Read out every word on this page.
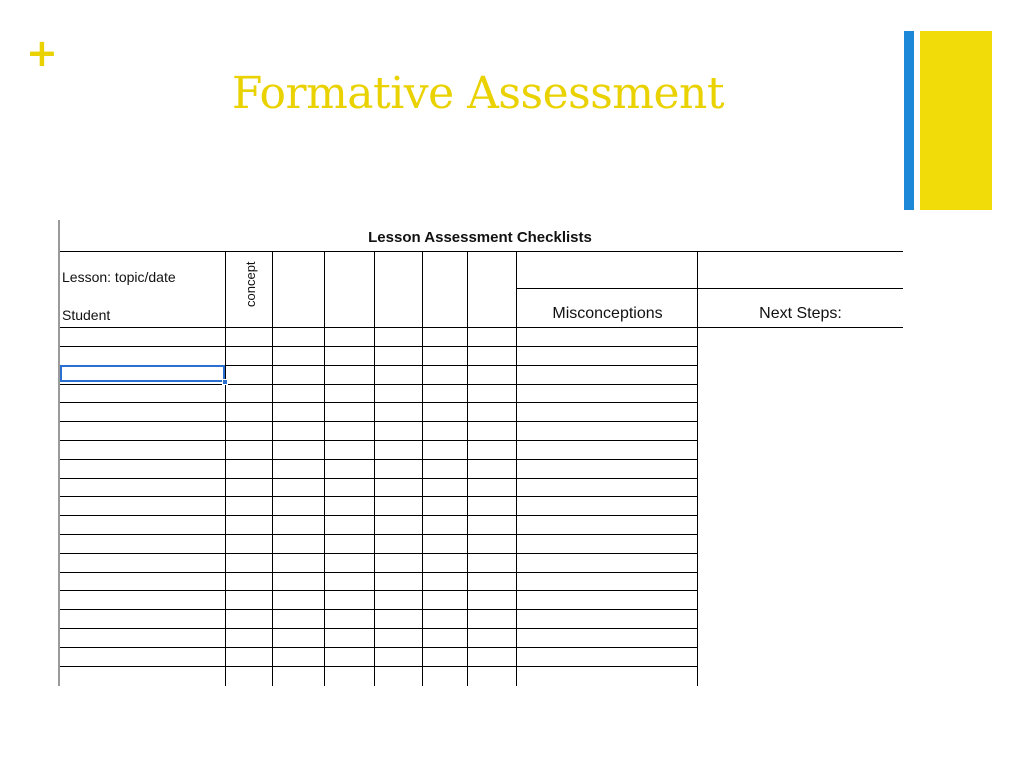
+
Formative Assessment
Lesson Assessment Checklists
Lesson: topic/date
Student
concept
Misconceptions	Next Steps:
